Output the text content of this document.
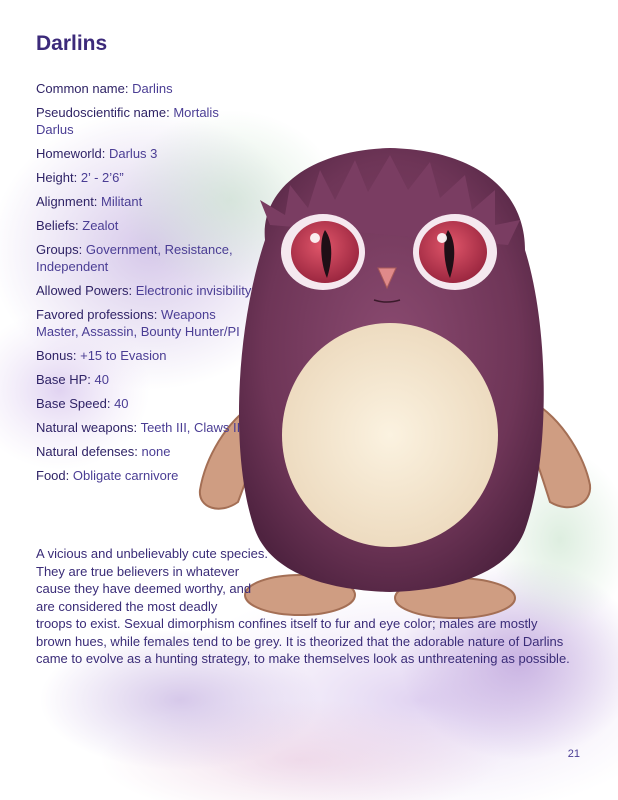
Darlins
Common name: Darlins
Pseudoscientific name: Mortalis Darlus
Homeworld: Darlus 3
Height: 2’ - 2’6”
Alignment: Militant
Beliefs: Zealot
Groups: Government, Resistance, Independent
Allowed Powers: Electronic invisibility
Favored professions: Weapons Master, Assassin, Bounty Hunter/PI
Bonus: +15 to Evasion
Base HP: 40
Base Speed: 40
Natural weapons: Teeth III, Claws II
Natural defenses: none
Food: Obligate carnivore
A vicious and unbelievably cute species. They are true believers in whatever cause they have deemed worthy, and are considered the most deadly
troops to exist. Sexual dimorphism confines itself to fur and eye color; males are mostly brown hues, while females tend to be grey. It is theorized that the adorable nature of Darlins came to evolve as a hunting strategy, to make themselves look as unthreatening as possible.
21
